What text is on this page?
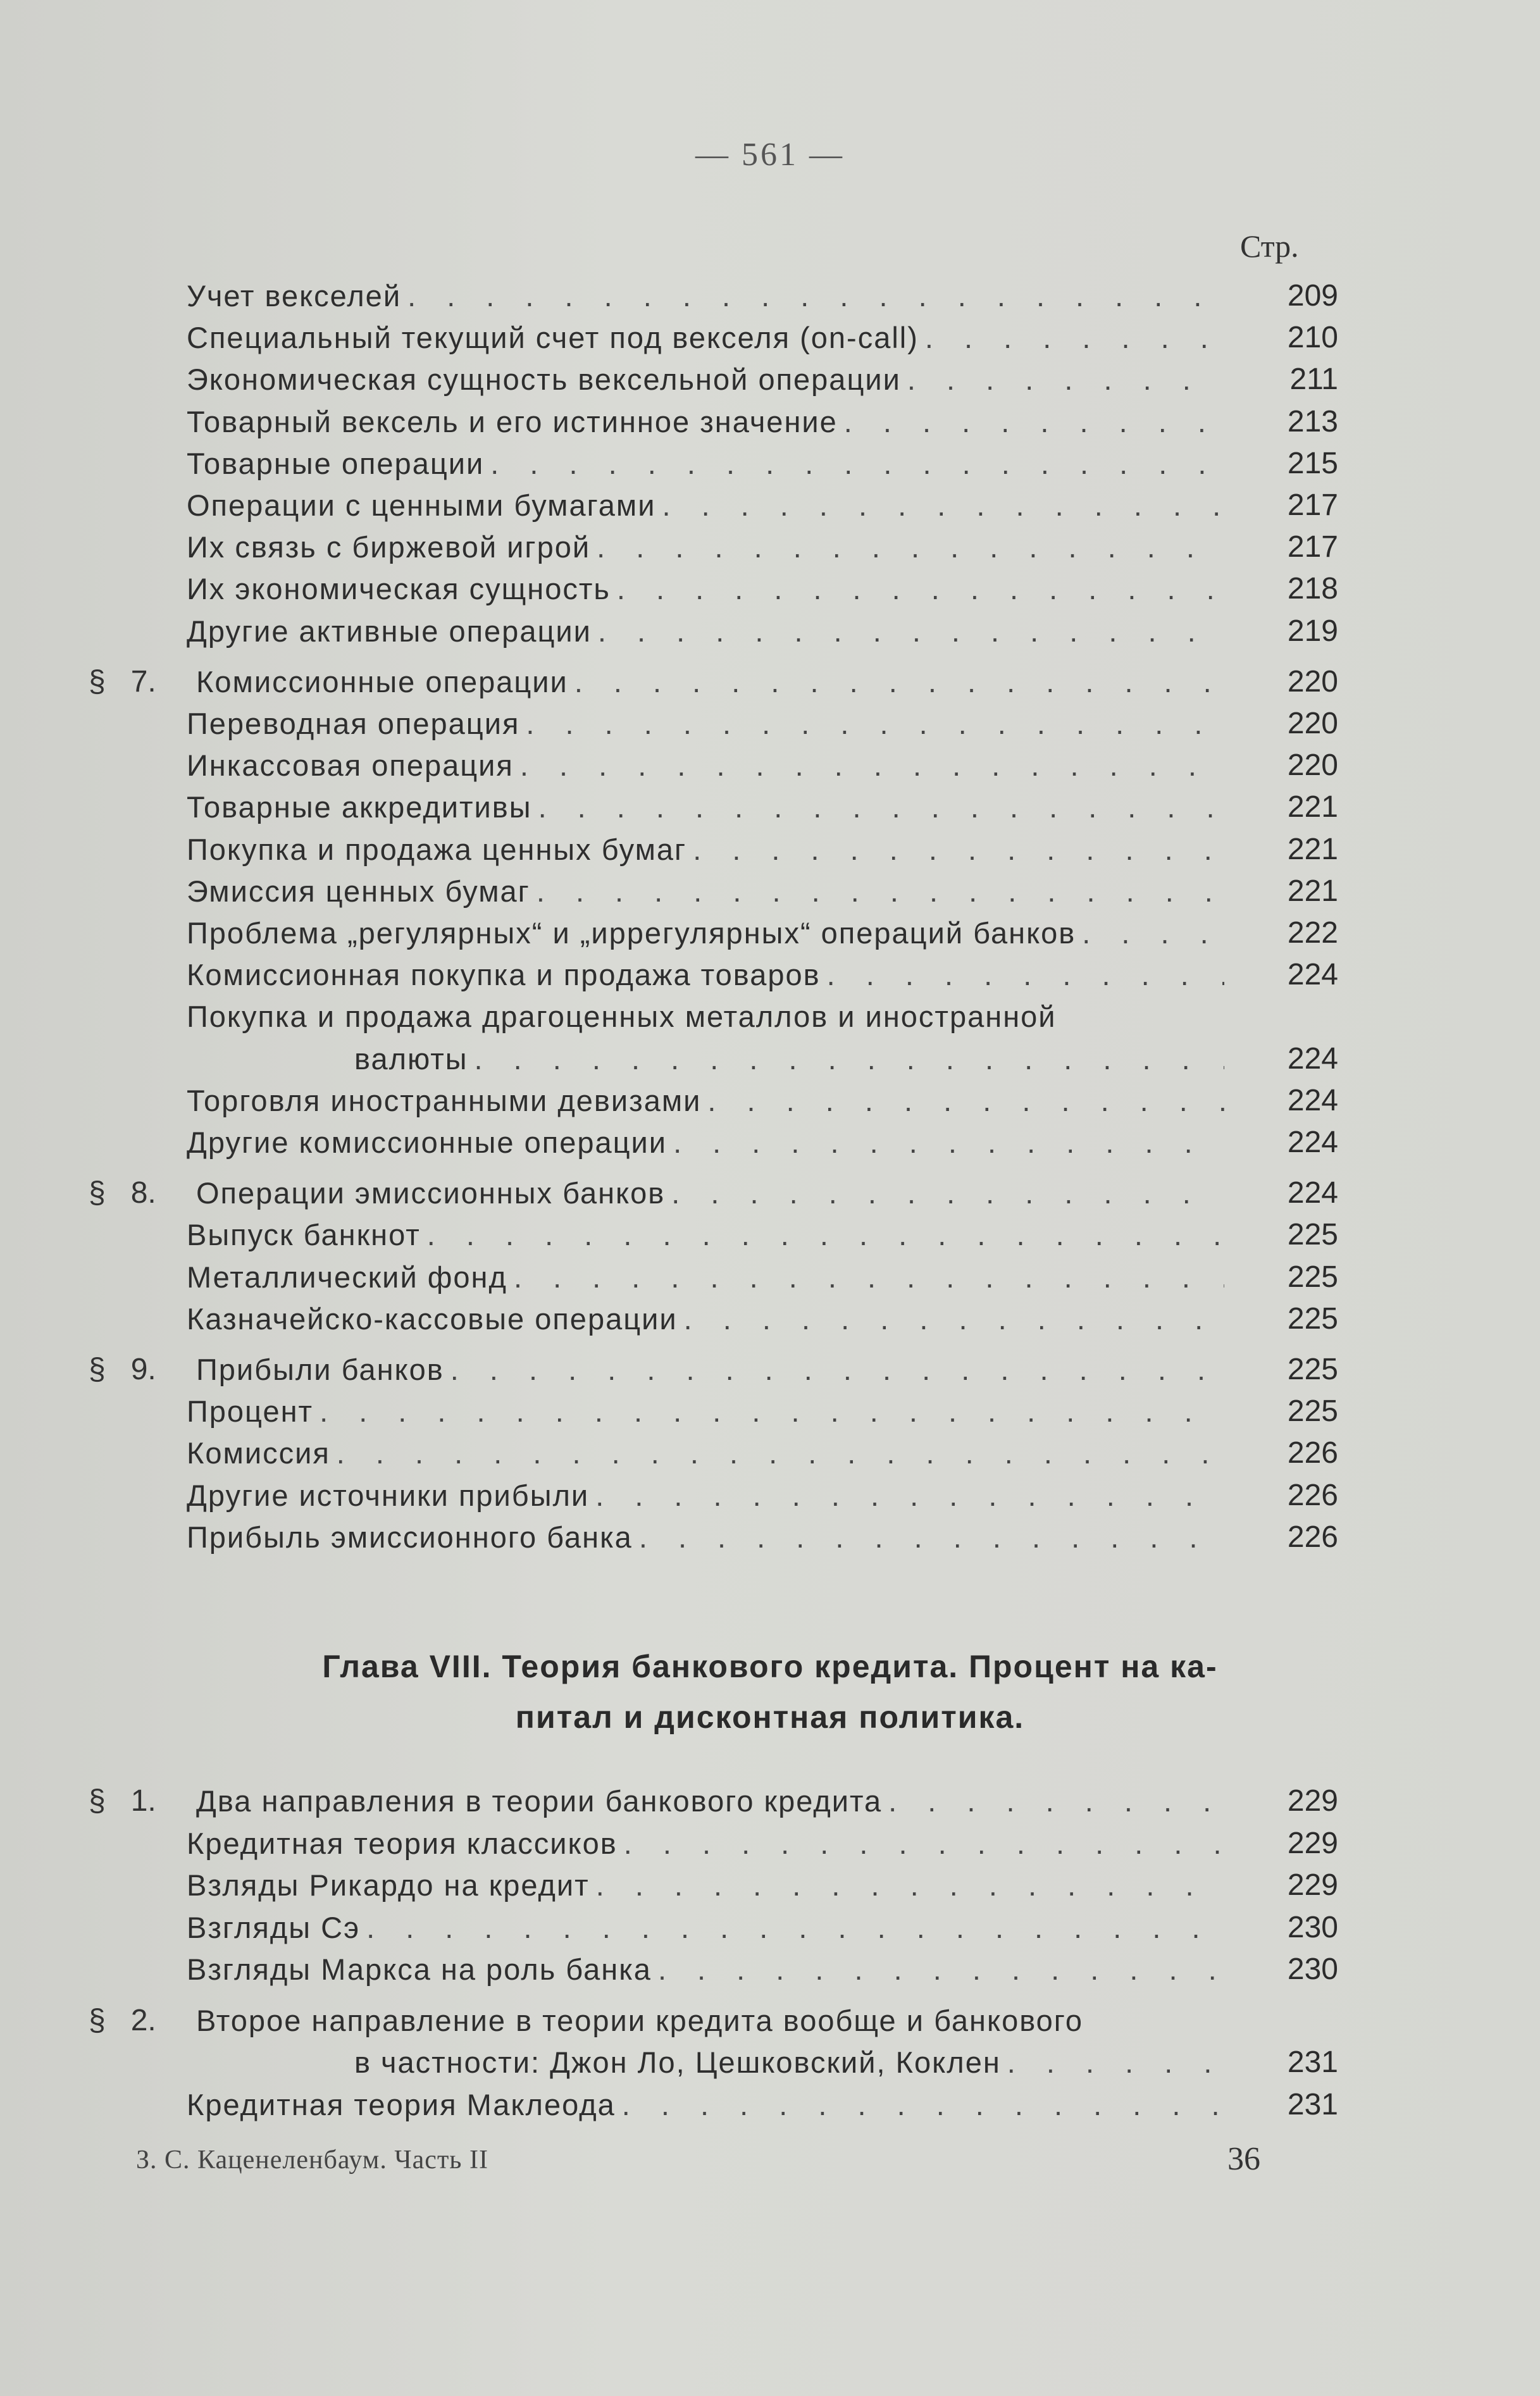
— 561 —
Стр.
Учет векселей . . .	209
Специальный текущий счет под векселя (on-call) . . .	210
Экономическая сущность вексельной операции . . .	211
Товарный вексель и его истинное значение . . .	213
Товарные операции . . .	215
Операции с ценными бумагами . . .	217
Их связь с биржевой игрой . . .	217
Их экономическая сущность . . .	218
Другие активные операции . . .	219
§ 7. Комиссионные операции . . .	220
Переводная операция . . .	220
Инкассовая операция . . .	220
Товарные аккредитивы . . .	221
Покупка и продажа ценных бумаг . . .	221
Эмиссия ценных бумаг . . .	221
Проблема „регулярных“ и „иррегулярных“ операций банков . . .	222
Комиссионная покупка и продажа товаров . . .	224
Покупка и продажа драгоценных металлов и иностранной
валюты . . .	224
Торговля иностранными девизами . . .	224
Другие комиссионные операции . . .	224
§ 8. Операции эмиссионных банков . . .	224
Выпуск банкнот . . .	225
Металлический фонд . . .	225
Казначейско-кассовые операции . . .	225
§ 9. Прибыли банков . . .	225
Процент . . .	225
Комиссия . . .	226
Другие источники прибыли . . .	226
Прибыль эмиссионного банка . . .	226
§ 1. Два направления в теории банкового кредита . . .	229
Кредитная теория классиков . . .	229
Взляды Рикардо на кредит . . .	229
Взгляды Сэ . . .	230
Взгляды Маркса на роль банка . . .	230
§ 2. Второе направление в теории кредита вообще и банкового
в частности: Джон Ло, Цешковский, Коклен . . .	231
Кредитная теория Маклеода . . .	231
Глава VIII. Теория банкового кредита. Процент на ка-
питал и дисконтная политика.
З. С. Каценеленбаум. Часть II	36
